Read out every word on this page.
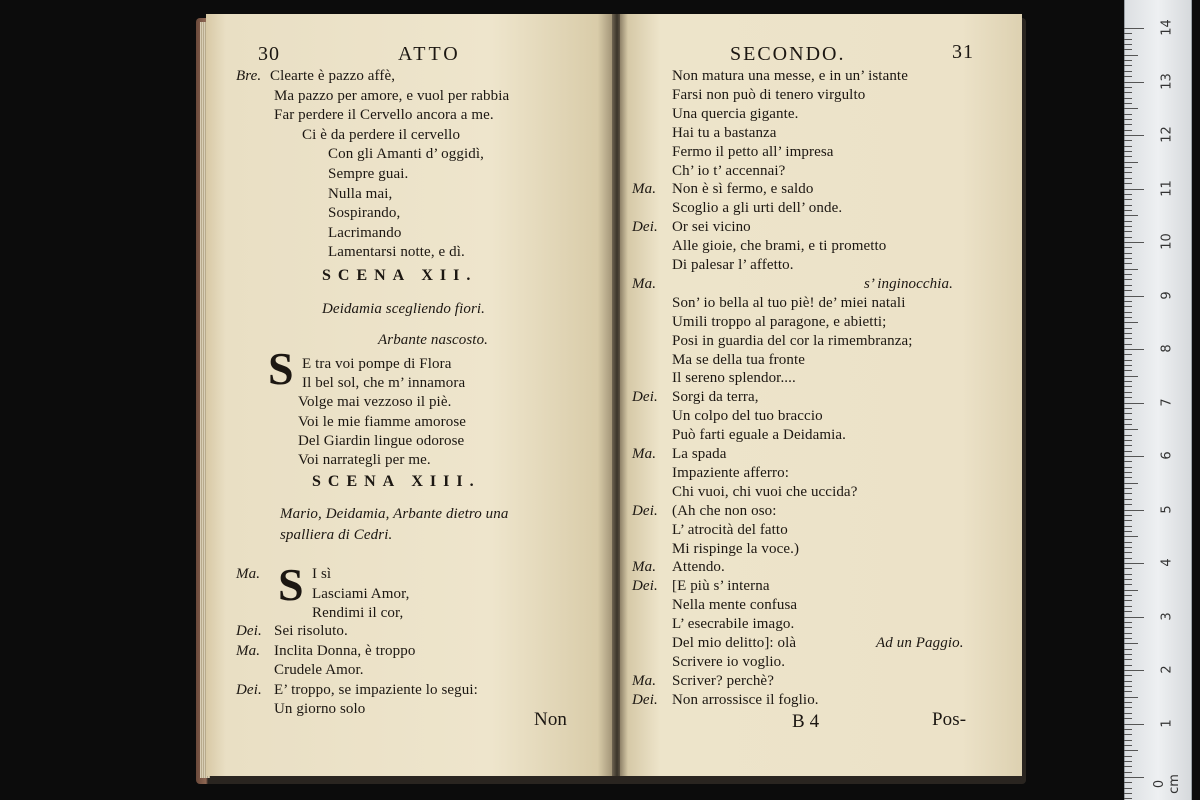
30	ATTO
Bre. Clearte è pazzo affè,
Ma pazzo per amore, e vuol per rabbia
Far perdere il Cervello ancora a me.
Ci è da perdere il cervello
Con gli Amanti d’ oggidì,
Sempre guai.
Nulla mai,
Sospirando,
Lacrimando
Lamentarsi notte, e dì.
SCENA XII.
Deidamia scegliendo fiori.
Arbante nascosto.
S E tra voi pompe di Flora
Il bel sol, che m’ innamora
Volge mai vezzoso il piè.
Voi le mie fiamme amorose
Del Giardin lingue odorose
Voi narrategli per me.
SCENA XIII.
Mario, Deidamia, Arbante dietro una
spalliera di Cedri.
Ma. S I sì
Lasciami Amor,
Rendimi il cor,
Dei. Sei risoluto.
Ma. Inclita Donna, è troppo
Crudele Amor.
Dei. E’ troppo, se impaziente lo segui:
Un giorno solo	Non
SECONDO.	31
Non matura una messe, e in un’ istante
Farsi non può di tenero virgulto
Una quercia gigante.
Hai tu a bastanza
Fermo il petto all’ impresa
Ch’ io t’ accennai?
Ma. Non è sì fermo, e saldo
Scoglio a gli urti dell’ onde.
Dei. Or sei vicino
Alle gioie, che brami, e ti prometto
Di palesar l’ affetto.
Ma.	s’ inginocchia.
Son’ io bella al tuo piè! de’ miei natali
Umili troppo al paragone, e abietti;
Posi in guardia del cor la rimembranza;
Ma se della tua fronte
Il sereno splendor....
Dei. Sorgi da terra,
Un colpo del tuo braccio
Può farti eguale a Deidamia.
Ma. La spada
Impaziente afferro:
Chi vuoi, chi vuoi che uccida?
Dei. (Ah che non oso:
L’ atrocità del fatto
Mi rispinge la voce.)
Ma. Attendo.
Dei. [E più s’ interna
Nella mente confusa
L’ esecrabile imago.
Del mio delitto]: olà	Ad un Paggio.
Scrivere io voglio.
Ma. Scriver? perchè?
Dei. Non arrossisce il foglio.
B 4	Pos-
14
13
12
11
10
9
8
7
6
5
4
3
2
1
0 cm
